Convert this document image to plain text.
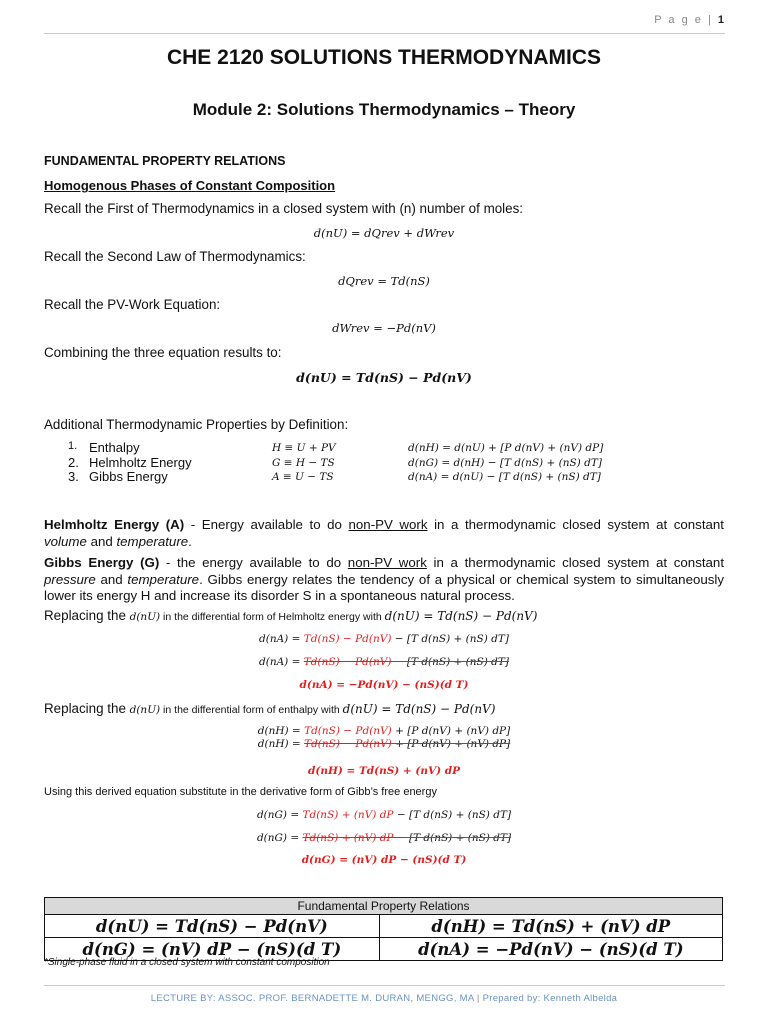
P a g e | 1
CHE 2120 SOLUTIONS THERMODYNAMICS
Module 2: Solutions Thermodynamics – Theory
FUNDAMENTAL PROPERTY RELATIONS
Homogenous Phases of Constant Composition
Recall the First of Thermodynamics in a closed system with (n) number of moles:
d(nU) = dQrev + dWrev
Recall the Second Law of Thermodynamics:
dQrev = Td(nS)
Recall the PV-Work Equation:
dWrev = −Pd(nV)
Combining the three equation results to:
d(nU) = Td(nS) − Pd(nV)
Additional Thermodynamic Properties by Definition:
1. Enthalpy	H ≡ U + PV	d(nH) = d(nU) + [P d(nV) + (nV) dP]
2. Helmholtz Energy	G ≡ H − TS	d(nG) = d(nH) − [T d(nS) + (nS) dT]
3. Gibbs Energy	A ≡ U − TS	d(nA) = d(nU) − [T d(nS) + (nS) dT]
Helmholtz Energy (A) - Energy available to do non-PV work in a thermodynamic closed system at constant volume and temperature.
Gibbs Energy (G) - the energy available to do non-PV work in a thermodynamic closed system at constant pressure and temperature. Gibbs energy relates the tendency of a physical or chemical system to simultaneously lower its energy H and increase its disorder S in a spontaneous natural process.
Replacing the d(nU) in the differential form of Helmholtz energy with d(nU) = Td(nS) − Pd(nV)
d(nA) = Td(nS) − Pd(nV) − [T d(nS) + (nS) dT]
d(nA) = Td(nS) − Pd(nV) − [T d(nS) + (nS) dT]
d(nA) = −Pd(nV) − (nS)(d T)
Replacing the d(nU) in the differential form of enthalpy with d(nU) = Td(nS) − Pd(nV)
d(nH) = Td(nS) − Pd(nV) + [P d(nV) + (nV) dP]
d(nH) = Td(nS) − Pd(nV) + [P d(nV) + (nV) dP]
d(nH) = Td(nS) + (nV) dP
Using this derived equation substitute in the derivative form of Gibb’s free energy
d(nG) = Td(nS) + (nV) dP − [T d(nS) + (nS) dT]
d(nG) = Td(nS) + (nV) dP − [T d(nS) + (nS) dT]
d(nG) = (nV) dP − (nS)(d T)
Fundamental Property Relations	
d(nU) = Td(nS) − Pd(nV)	d(nH) = Td(nS) + (nV) dP
d(nG) = (nV) dP − (nS)(d T)	d(nA) = −Pd(nV) − (nS)(d T)
*Single-phase fluid in a closed system with constant composition
LECTURE BY: ASSOC. PROF. BERNADETTE M. DURAN, MENGG, MA | Prepared by: Kenneth Albelda
